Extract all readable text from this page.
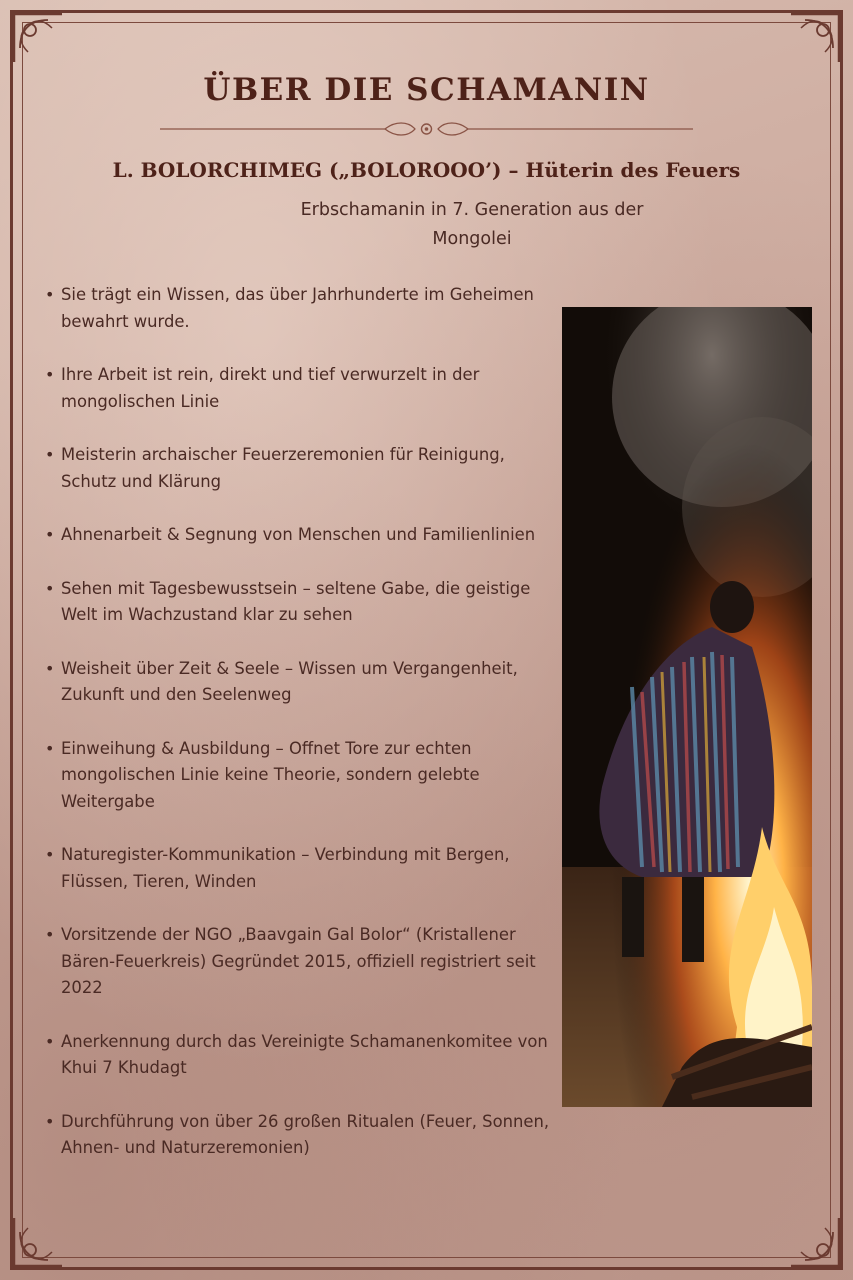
ÜBER DIE SCHAMANIN
L. BOLORCHIMEG („BOLOROOO’) – Hüterin des Feuers
Erbschamanin in 7. Generation aus der Mongolei
• Sie trägt ein Wissen, das über Jahrhunderte im Geheimen bewahrt wurde.
• Ihre Arbeit ist rein, direkt und tief verwurzelt in der mongolischen Linie
• Meisterin archaischer Feuerzeremonien für Reinigung, Schutz und Klärung
• Ahnenarbeit & Segnung von Menschen und Familienlinien
• Sehen mit Tagesbewusstsein – seltene Gabe, die geistige Welt im Wachzustand klar zu sehen
• Weisheit über Zeit & Seele – Wissen um Vergangenheit, Zukunft und den Seelenweg
• Einweihung & Ausbildung – Offnet Tore zur echten mongolischen Linie keine Theorie, sondern gelebte Weitergabe
• Naturegister-Kommunikation – Verbindung mit Bergen, Flüssen, Tieren, Winden
• Vorsitzende der NGO „Baavgain Gal Bolor“ (Kristallener Bären-Feuerkreis) Gegründet 2015, offiziell registriert seit 2022
• Anerkennung durch das Vereinigte Schamanenkomitee von Khui 7 Khudagt
• Durchführung von über 26 großen Ritualen (Feuer, Sonnen, Ahnen- und Naturzeremonien)
